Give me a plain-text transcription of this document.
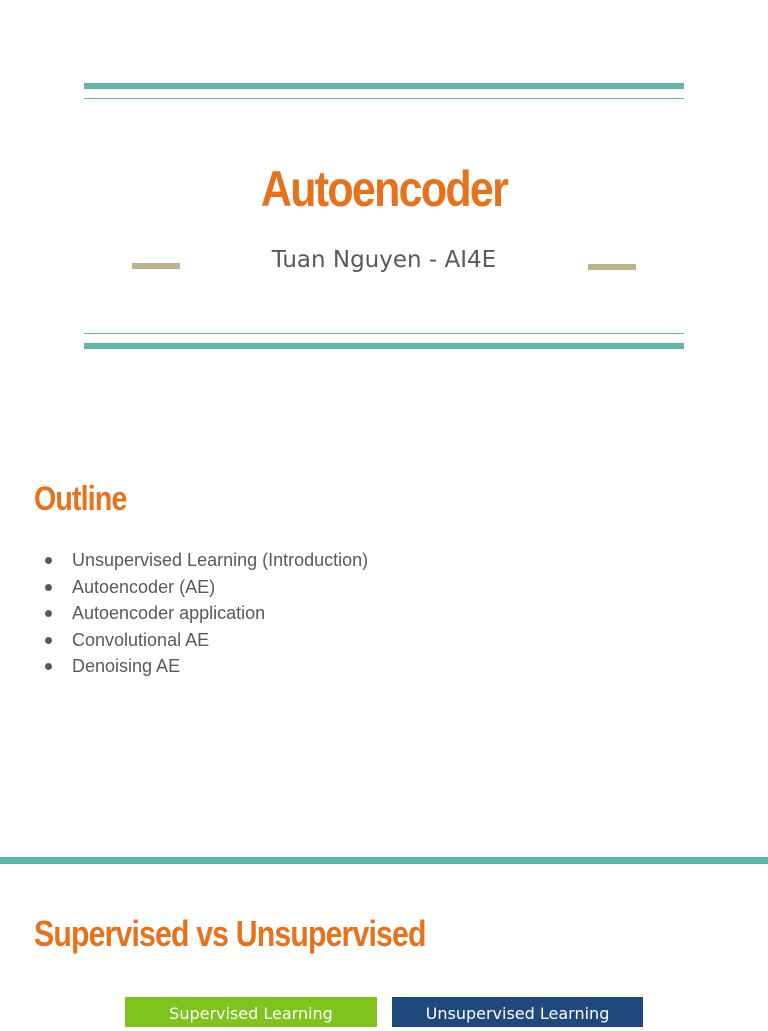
Autoencoder
Tuan Nguyen - AI4E
Outline
Unsupervised Learning (Introduction)
Autoencoder (AE)
Autoencoder application
Convolutional AE
Denoising AE
Supervised vs Unsupervised
Supervised Learning	Unsupervised Learning
